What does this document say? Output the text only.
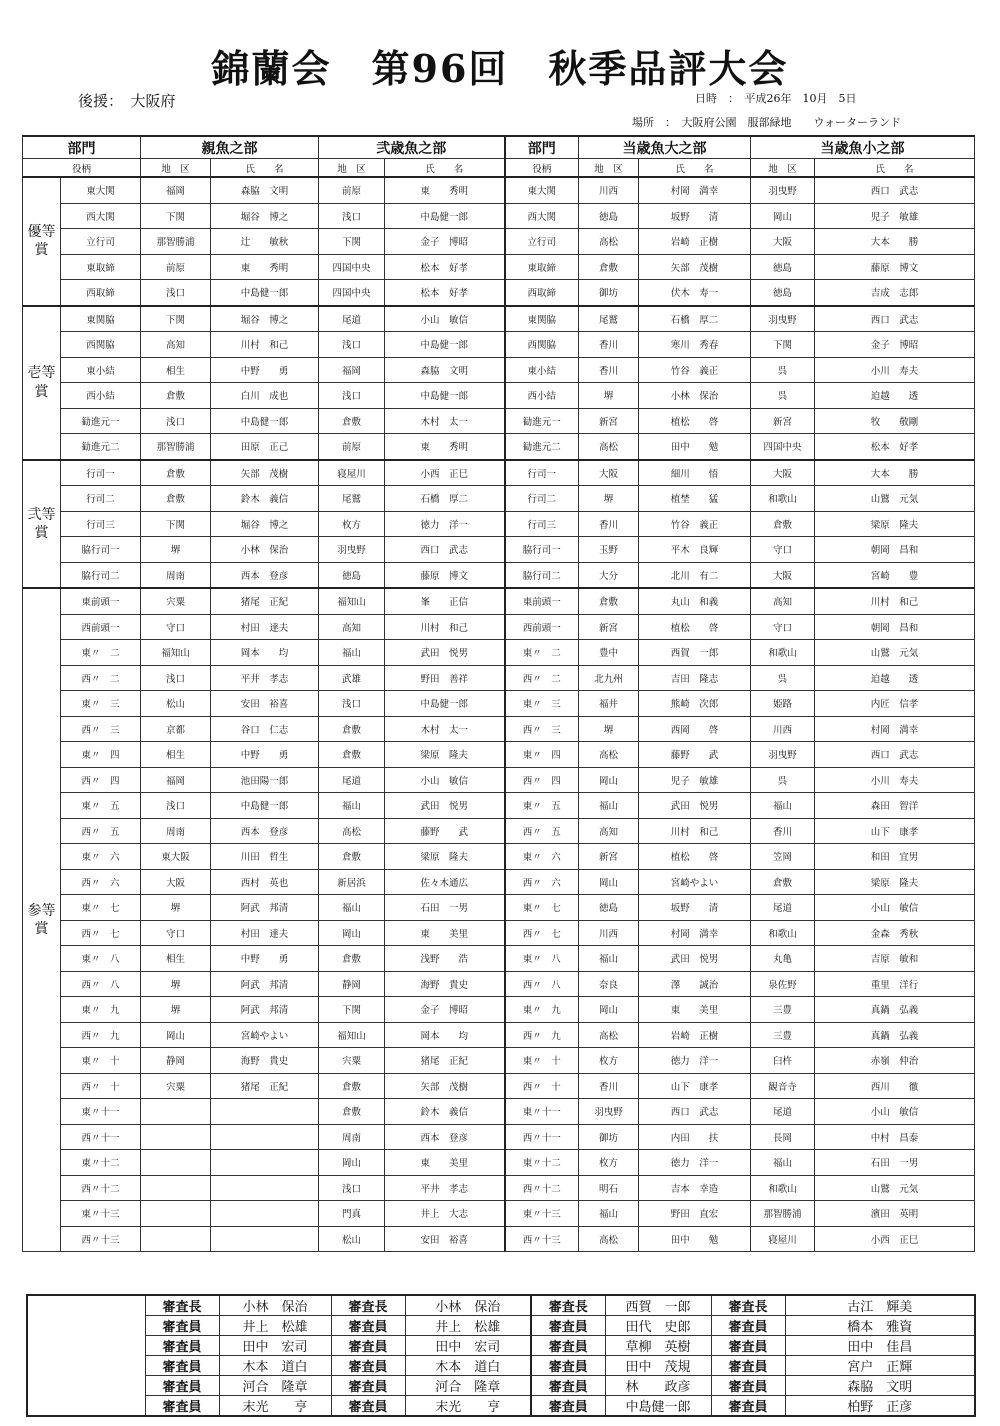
錦蘭会　第96回　秋季品評大会
後援：　大阪府	日時　：　平成26年　10月　5日
場所　：　大阪府公園　服部緑地　　ウォーターランド
部門		親魚之部		弐歳魚之部		部門	当歳魚大之部		当歳魚小之部	
役柄		地　区	氏　　名	地　区	氏　　名	役柄	地　区	氏　　名	地　区	氏　　名
優等賞	東大関	福岡	森脇　文明	前原	東　　秀明	東大関	川西	村岡　満幸	羽曳野	西口　武志
	西大関	下関	堀谷　博之	浅口	中島健一郎	西大関	徳島	坂野　　清	岡山	児子　敏雄
	立行司	那智勝浦	辻　　敏秋	下関	金子　博昭	立行司	高松	岩崎　正樹	大阪	大本　　勝
	東取締	前原	東　　秀明	四国中央	松本　好孝	東取締	倉敷	矢部　茂樹	徳島	藤原　博文
	西取締	浅口	中島健一郎	四国中央	松本　好孝	西取締	御坊	伏木　寿一	徳島	吉成　志郎
壱等賞	東関脇	下関	堀谷　博之	尾道	小山　敏信	東関脇	尾鷲	石橋　厚二	羽曳野	西口　武志
	西関脇	高知	川村　和己	浅口	中島健一郎	西関脇	香川	寒川　秀春	下関	金子　博昭
	東小結	相生	中野　　勇	福岡	森脇　文明	東小結	香川	竹谷　義正	呉	小川　寿夫
	西小結	倉敷	白川　成也	浅口	中島健一郎	西小結	堺	小林　保治	呉	迫越　　透
	勧進元一	浅口	中島健一郎	倉敷	木村　太一	勧進元一	新宮	植松　　啓	新宮	牧　　敬剛
	勧進元二	那智勝浦	田原　正己	前原	東　　秀明	勧進元二	高松	田中　　勉	四国中央	松本　好孝
弐等賞	行司一	倉敷	矢部　茂樹	寝屋川	小西　正巳	行司一	大阪	細川　　悟	大阪	大本　　勝
	行司二	倉敷	鈴木　義信	尾鷲	石橋　厚二	行司二	堺	植埜　　猛	和歌山	山鷲　元気
	行司三	下関	堀谷　博之	枚方	徳力　洋一	行司三	香川	竹谷　義正	倉敷	梁原　隆夫
	脇行司一	堺	小林　保治	羽曳野	西口　武志	脇行司一	玉野	平木　良輝	守口	朝岡　昌和
	脇行司二	周南	西本　登彦	徳島	藤原　博文	脇行司二	大分	北川　有二	大阪	宮崎　　豊
参等賞	東前頭一	宍粟	猪尾　正紀	福知山	峯　　正信	東前頭一	倉敷	丸山　和義	高知	川村　和己
	西前頭一	守口	村田　達夫	高知	川村　和己	西前頭一	新宮	植松　　啓	守口	朝岡　昌和
	東〃　二	福知山	岡本　　均	福山	武田　悦男	東〃　二	豊中	西賀　一郎	和歌山	山鷲　元気
	西〃　二	浅口	平井　孝志	武雄	野田　善祥	西〃　二	北九州	吉田　隆志	呉	迫越　　透
	東〃　三	松山	安田　裕喜	浅口	中島健一郎	東〃　三	福井	熊崎　次郎	姫路	内匠　信孝
	西〃　三	京都	谷口　仁志	倉敷	木村　太一	西〃　三	堺	西岡　　啓	川西	村岡　満幸
	東〃　四	相生	中野　　勇	倉敷	梁原　隆夫	東〃　四	高松	藤野　　武	羽曳野	西口　武志
	西〃　四	福岡	池田陽一郎	尾道	小山　敏信	西〃　四	岡山	児子　敏雄	呉	小川　寿夫
	東〃　五	浅口	中島健一郎	福山	武田　悦男	東〃　五	福山	武田　悦男	福山	森田　智洋
	西〃　五	周南	西本　登彦	高松	藤野　　武	西〃　五	高知	川村　和己	香川	山下　康孝
	東〃　六	東大阪	川田　哲生	倉敷	梁原　隆夫	東〃　六	新宮	植松　　啓	笠岡	和田　宜男
	西〃　六	大阪	西村　英也	新居浜	佐々木通広	西〃　六	岡山	宮崎やよい	倉敷	梁原　隆夫
	東〃　七	堺	阿武　邦清	福山	石田　一男	東〃　七	徳島	坂野　　清	尾道	小山　敏信
	西〃　七	守口	村田　達夫	岡山	東　　美里	西〃　七	川西	村岡　満幸	和歌山	金森　秀秋
	東〃　八	相生	中野　　勇	倉敷	浅野　　浩	東〃　八	福山	武田　悦男	丸亀	吉原　敏和
	西〃　八	堺	阿武　邦清	静岡	海野　貴史	西〃　八	奈良	澤　　誠治	泉佐野	重里　洋行
	東〃　九	堺	阿武　邦清	下関	金子　博昭	東〃　九	岡山	東　　美里	三豊	真鍋　弘義
	西〃　九	岡山	宮崎やよい	福知山	岡本　　均	西〃　九	高松	岩崎　正樹	三豊	真鍋　弘義
	東〃　十	静岡	海野　貴史	宍粟	猪尾　正紀	東〃　十	枚方	徳力　洋一	臼杵	赤嶺　仲治
	西〃　十	宍粟	猪尾　正紀	倉敷	矢部　茂樹	西〃　十	香川	山下　康孝	観音寺	西川　　徹
	東〃十一			倉敷	鈴木　義信	東〃十一	羽曳野	西口　武志	尾道	小山　敏信
	西〃十一			周南	西本　登彦	西〃十一	御坊	内田　　扶	長岡	中村　昌泰
	東〃十二			岡山	東　　美里	東〃十二	枚方	徳力　洋一	福山	石田　一男
	西〃十二			浅口	平井　孝志	西〃十二	明石	吉本　幸造	和歌山	山鷲　元気
	東〃十三			門真	井上　大志	東〃十三	福山	野田　直宏	那智勝浦	濱田　英明
	西〃十三			松山	安田　裕喜	西〃十三	高松	田中　　勉	寝屋川	小西　正巳
	審査長	小林　保治	審査長	小林　保治	審査長	西賀　一郎	審査長	古江　輝美
	審査員	井上　松雄	審査員	井上　松雄	審査員	田代　史郎	審査員	橋本　雅資
	審査員	田中　宏司	審査員	田中　宏司	審査員	草柳　英樹	審査員	田中　佳昌
	審査員	木本　道白	審査員	木本　道白	審査員	田中　茂規	審査員	宮户　正輝
	審査員	河合　隆章	審査員	河合　隆章	審査員	林　　政彦	審査員	森脇　文明
	審査員	末光　　亨	審査員	末光　　亨	審査員	中島健一郎	審査員	柏野　正彦
